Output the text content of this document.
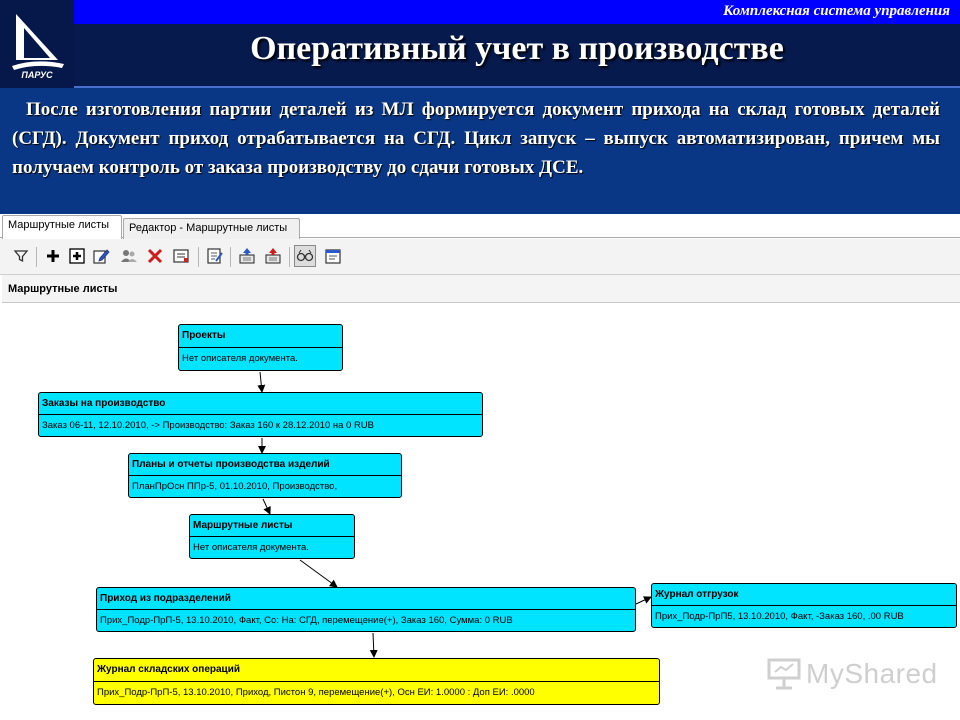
ПАРУС
Комплексная система управления
Оперативный учет в производстве
После изготовления партии деталей из МЛ формируется документ прихода на склад готовых деталей (СГД). Документ приход отрабатывается на СГД. Цикл запуск – выпуск автоматизирован, причем мы получаем контроль от заказа производству до сдачи готовых ДСЕ.
Маршрутные листы	Редактор - Маршрутные листы
Маршрутные листы
Проекты
Нет описателя документа.
Заказы на производство
Заказ 06-11, 12.10.2010, -> Производство: Заказ 160 к 28.12.2010 на 0 RUB
Планы и отчеты производства изделий
ПланПрОсн ППр-5, 01.10.2010, Производство,
Маршрутные листы
Нет описателя документа.
Приход из подразделений
Прих_Подр-ПрП-5, 13.10.2010, Факт, Со: На: СГД, перемещение(+), Заказ 160, Сумма: 0 RUB
Журнал отгрузок
Прих_Подр-ПрП5, 13.10.2010, Факт, -Заказ 160, .00 RUB
Журнал складских операций
Прих_Подр-ПрП-5, 13.10.2010, Приход, Пистон 9, перемещение(+), Осн ЕИ: 1.0000 : Доп ЕИ: .0000
MyShared
